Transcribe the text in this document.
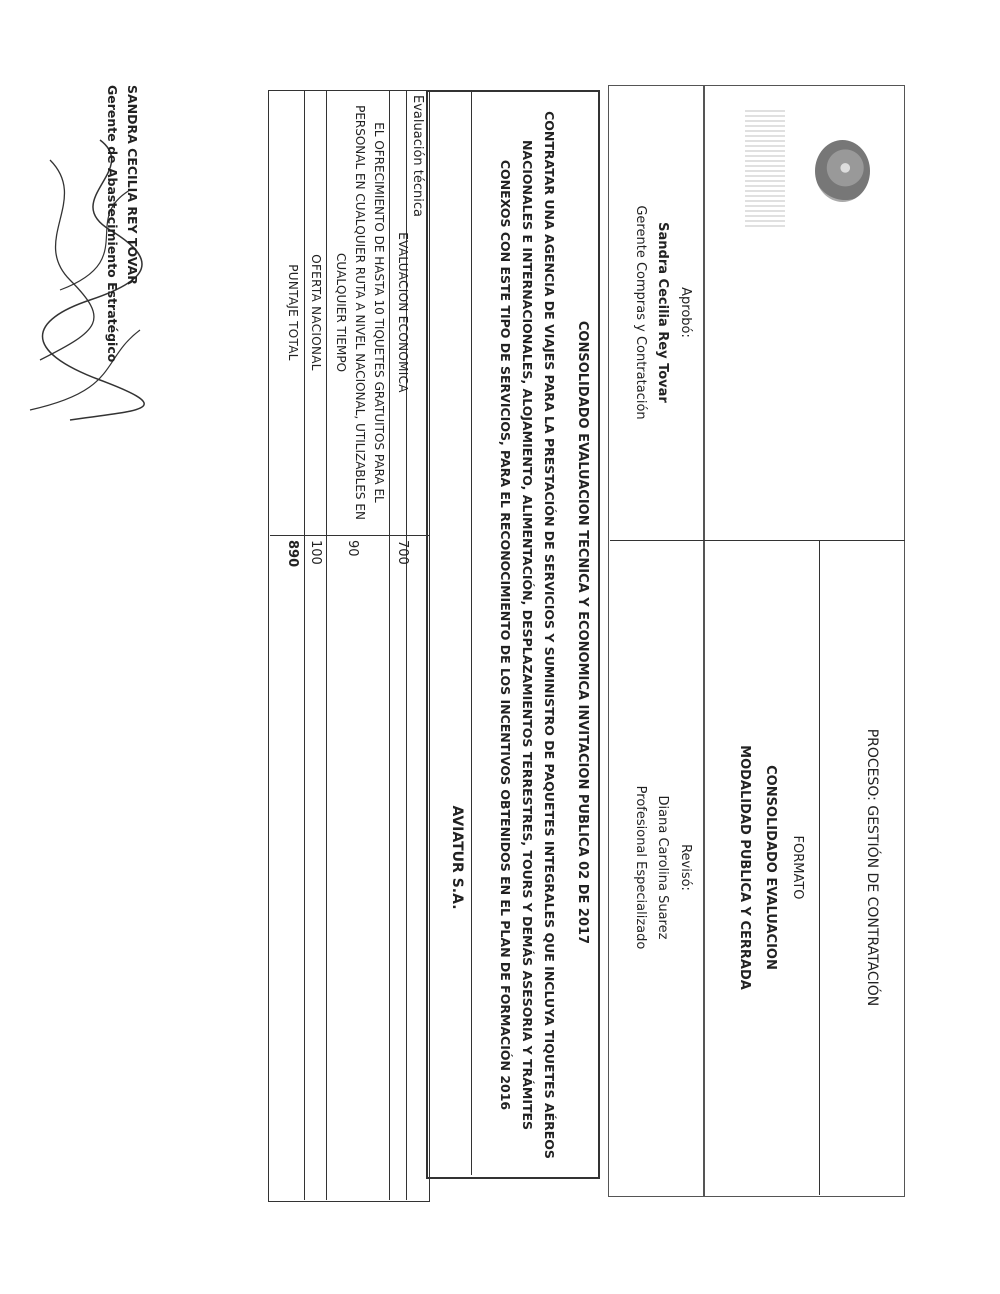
PROCESO: GESTIÓN DE CONTRATACIÓN
FORMATO
CONSOLIDADO EVALUACION
MODALIDAD PUBLICA Y CERRADA
Aprobó:
Sandra Cecilia Rey Tovar
Gerente Compras y Contratación
Revisó:
Diana Carolina Suarez
Profesional Especializado
CONSOLIDADO EVALUACION TECNICA Y ECONOMICA INVITACION PUBLICA 02 DE 2017
CONTRATAR UNA AGENCIA DE VIAJES PARA LA PRESTACIÓN DE SERVICIOS Y SUMINISTRO DE PAQUETES INTEGRALES QUE INCLUYA TIQUETES AÉREOS NACIONALES E INTERNACIONALES, ALOJAMIENTO, ALIMENTACIÓN, DESPLAZAMIENTOS TERRESTRES, TOURS Y DEMÁS ASESORIA Y TRÁMITES CONEXOS CON ESTE TIPO DE SERVICIOS, PARA EL RECONOCIMIENTO DE LOS INCENTIVOS OBTENIDOS EN EL PLAN DE FORMACIÓN 2016
AVIATUR S.A.
Evaluación técnica
EVALUACION ECONOMICA
700
EL OFRECIMIENTO DE HASTA 10 TIQUETES GRATUITOS PARA EL PERSONAL EN CUALQUIER RUTA A NIVEL NACIONAL, UTILIZABLES EN CUALQUIER TIEMPO
90
OFERTA NACIONAL
100
PUNTAJE TOTAL
890
SANDRA CECILIA REY TOVAR
Gerente de Abastecimiento Estratégico
